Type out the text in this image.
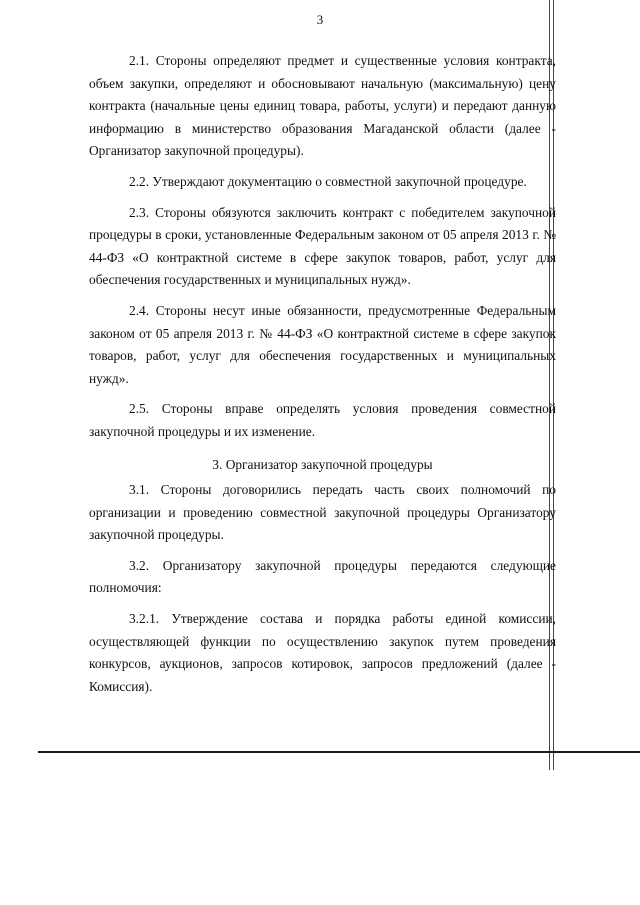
3

2.1. Стороны определяют предмет и существенные условия контракта, объем закупки, определяют и обосновывают начальную (максимальную) цену контракта (начальные цены единиц товара, работы, услуги) и передают данную информацию в министерство образования Магаданской области (далее - Организатор закупочной процедуры).

2.2. Утверждают документацию о совместной закупочной процедуре.

2.3. Стороны обязуются заключить контракт с победителем закупочной процедуры в сроки, установленные Федеральным законом от 05 апреля 2013 г. № 44-ФЗ «О контрактной системе в сфере закупок товаров, работ, услуг для обеспечения государственных и муниципальных нужд».

2.4. Стороны несут иные обязанности, предусмотренные Федеральным законом от 05 апреля 2013 г. № 44-ФЗ «О контрактной системе в сфере закупок товаров, работ, услуг для обеспечения государственных и муниципальных нужд».

2.5. Стороны вправе определять условия проведения совместной закупочной процедуры и их изменение.

3. Организатор закупочной процедуры

3.1. Стороны договорились передать часть своих полномочий по организации и проведению совместной закупочной процедуры Организатору закупочной процедуры.

3.2. Организатору закупочной процедуры передаются следующие полномочия:

3.2.1. Утверждение состава и порядка работы единой комиссии, осуществляющей функции по осуществлению закупок путем проведения конкурсов, аукционов, запросов котировок, запросов предложений (далее - Комиссия).
